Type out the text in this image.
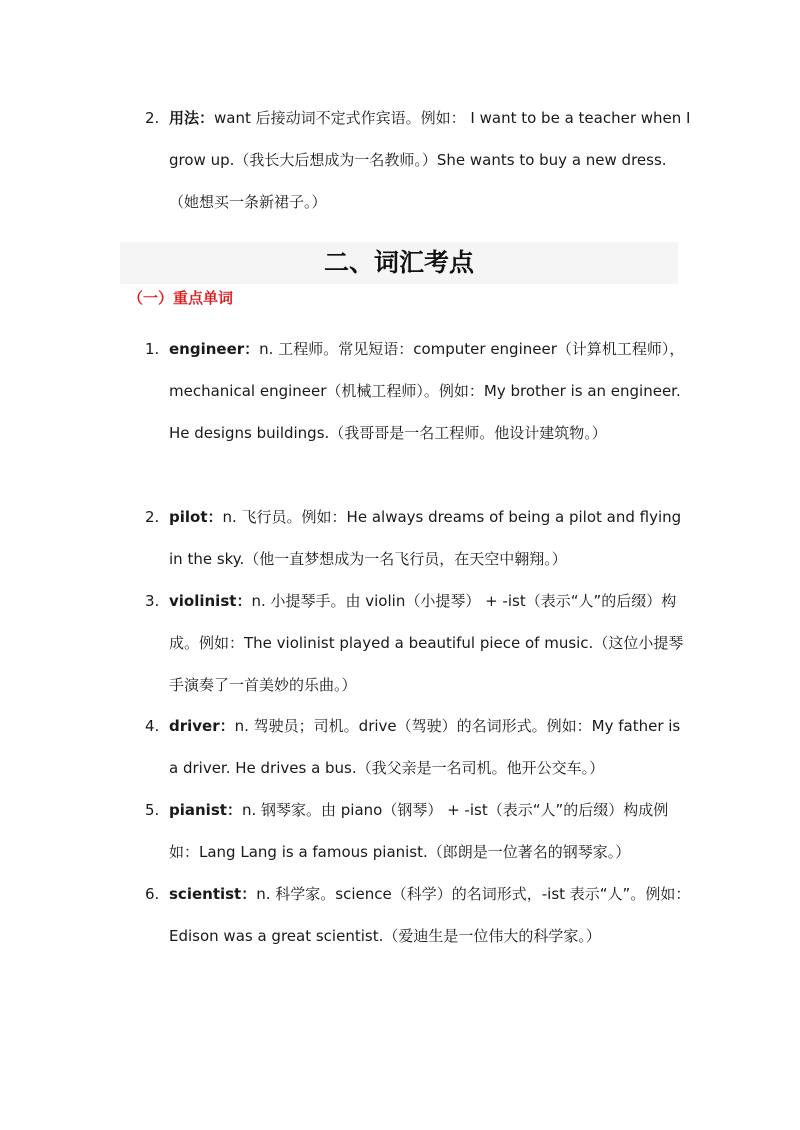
2. 用法：want 后接动词不定式作宾语。例如： I want to be a teacher when I grow up.（我长大后想成为一名教师。）She wants to buy a new dress.（她想买一条新裙子。）
二、词汇考点
（一）重点单词
1. engineer：n. 工程师。常见短语：computer engineer（计算机工程师），mechanical engineer（机械工程师）。例如：My brother is an engineer. He designs buildings.（我哥哥是一名工程师。他设计建筑物。）
2. pilot：n. 飞行员。例如：He always dreams of being a pilot and flying in the sky.（他一直梦想成为一名飞行员，在天空中翱翔。）
3. violinist：n. 小提琴手。由 violin（小提琴） + -ist（表示“人”的后缀）构成。例如：The violinist played a beautiful piece of music.（这位小提琴手演奏了一首美妙的乐曲。）
4. driver：n. 驾驶员；司机。drive（驾驶）的名词形式。例如：My father is a driver. He drives a bus.（我父亲是一名司机。他开公交车。）
5. pianist：n. 钢琴家。由 piano（钢琴） + -ist（表示“人”的后缀）构成例如：Lang Lang is a famous pianist.（郎朗是一位著名的钢琴家。）
6. scientist：n. 科学家。science（科学）的名词形式，-ist 表示“人”。例如：Edison was a great scientist.（爱迪生是一位伟大的科学家。）
